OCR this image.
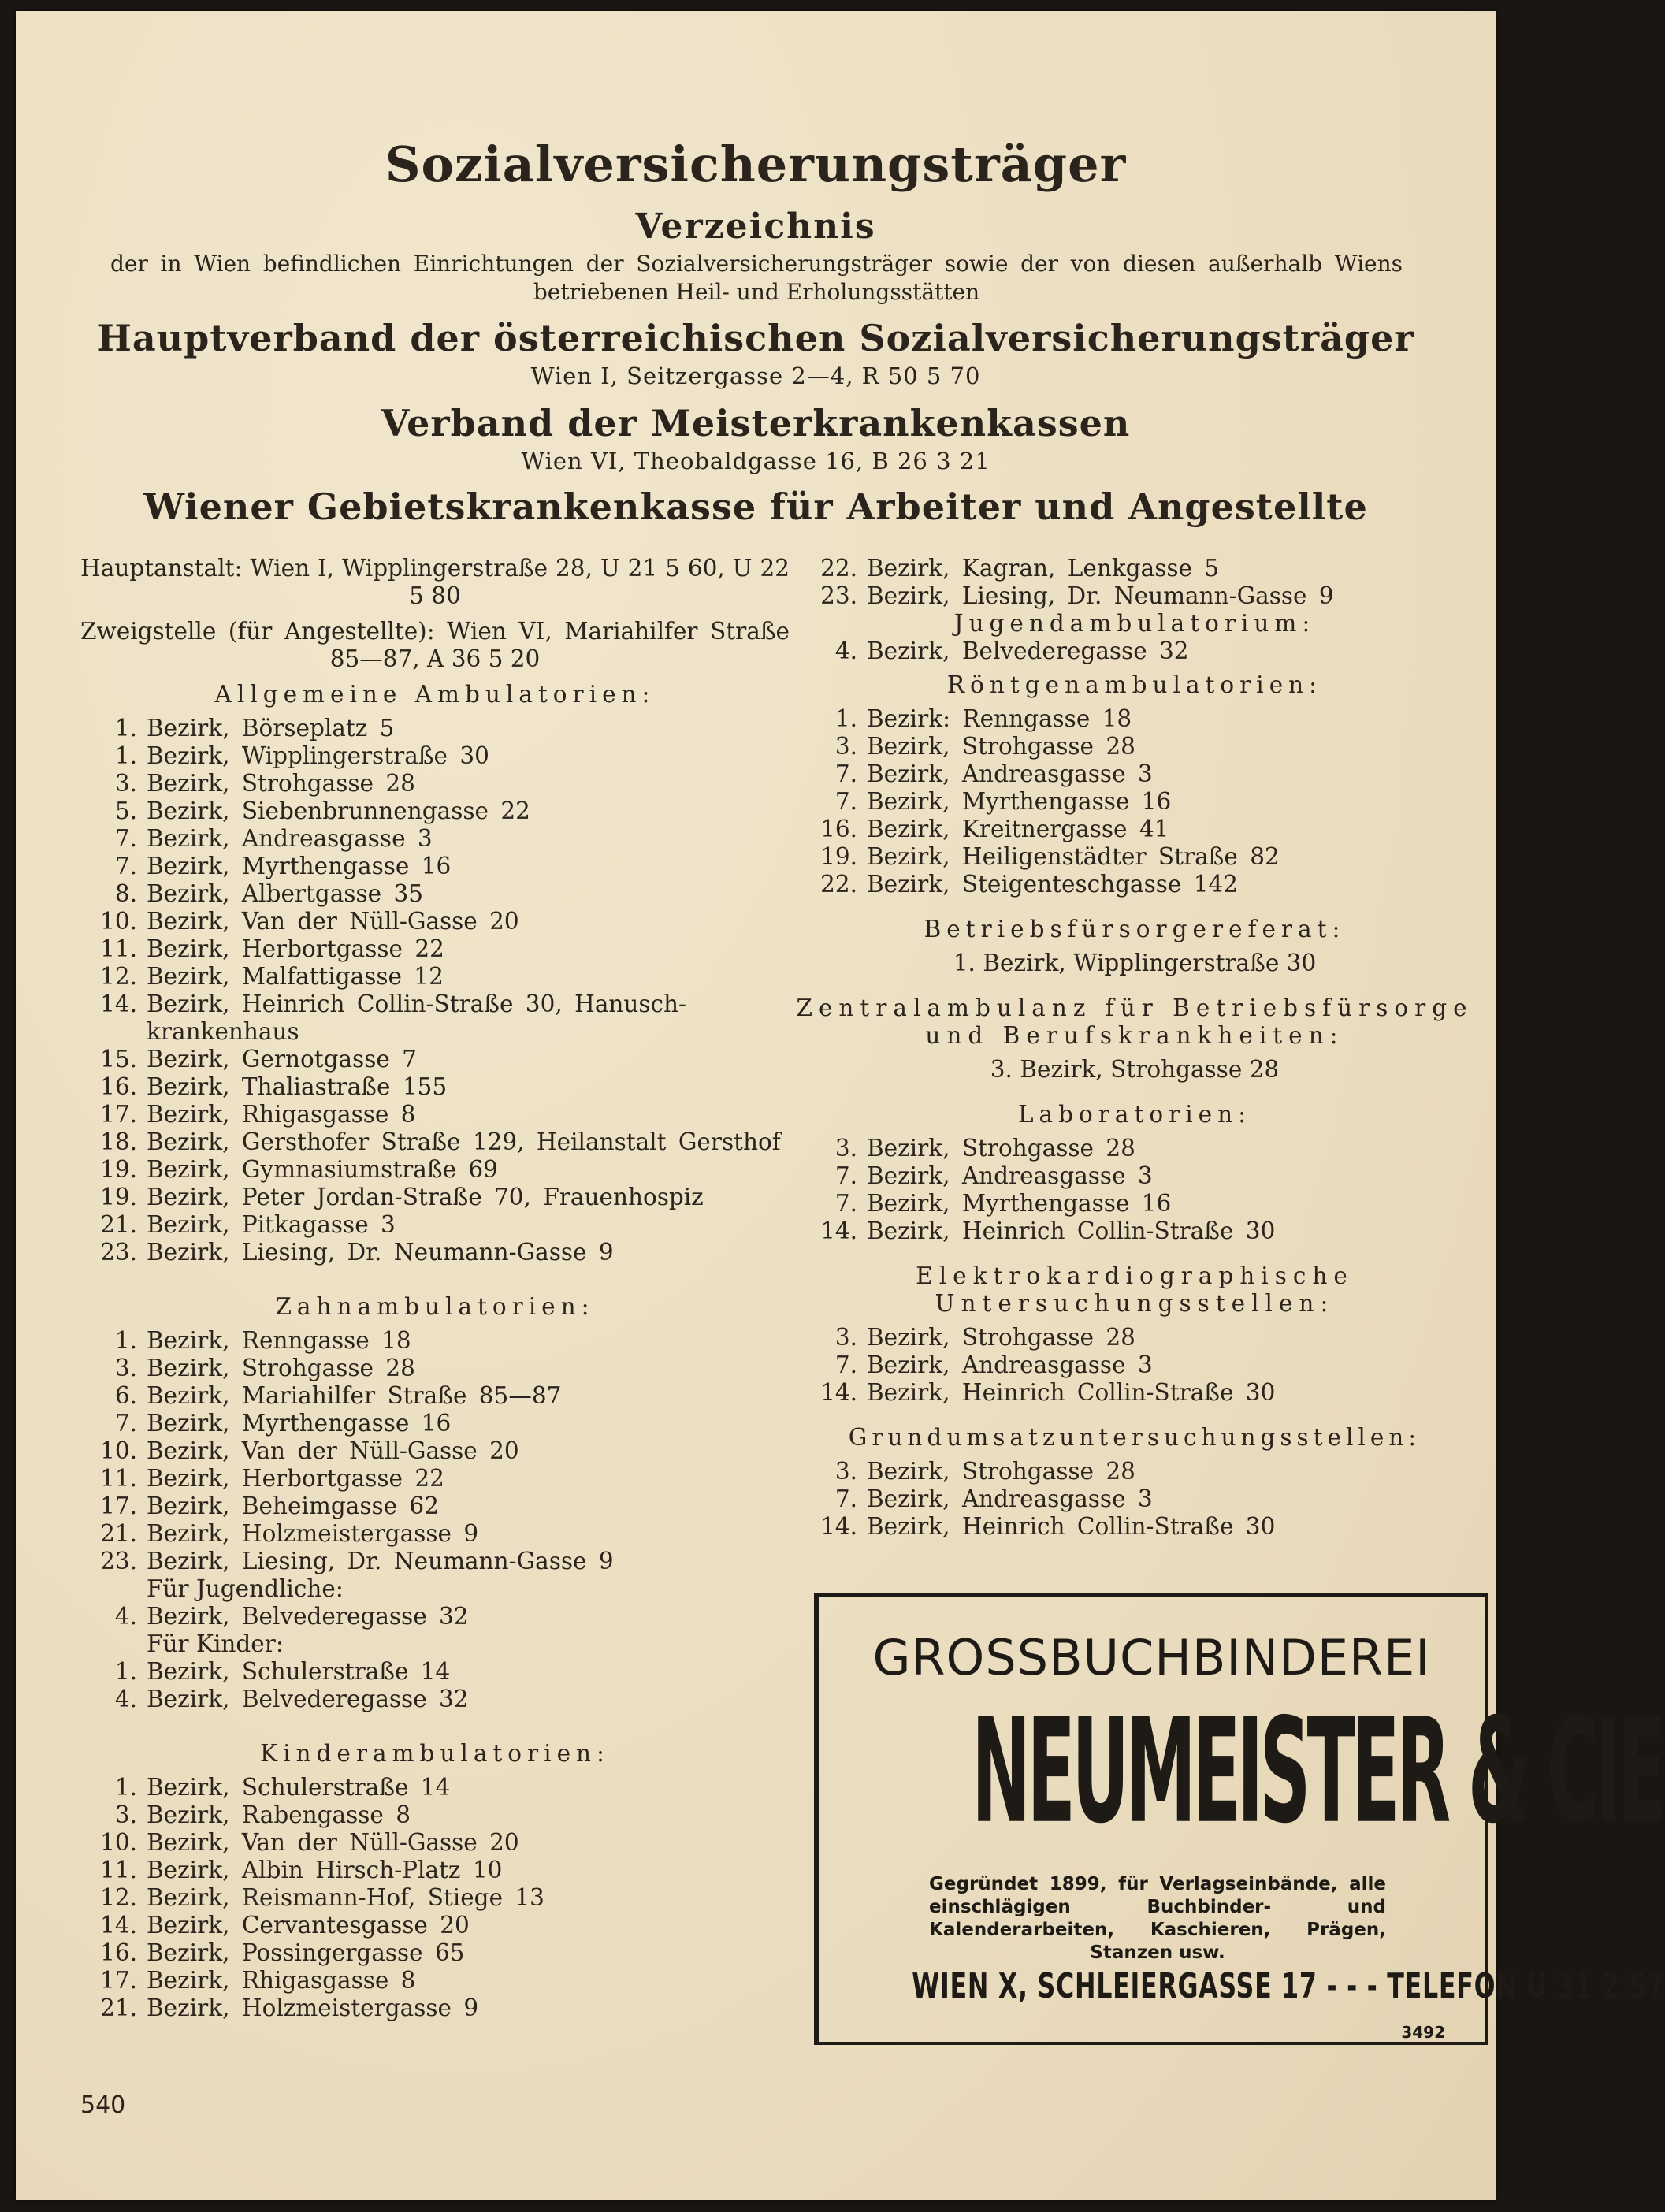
Sozialversicherungsträger
Verzeichnis
der in Wien befindlichen Einrichtungen der Sozialversicherungsträger sowie der von diesen außerhalb Wiens betriebenen Heil- und Erholungsstätten
Hauptverband der österreichischen Sozialversicherungsträger
Wien I, Seitzergasse 2—4, R 50 5 70
Verband der Meisterkrankenkassen
Wien VI, Theobaldgasse 16, B 26 3 21
Wiener Gebietskrankenkasse für Arbeiter und Angestellte

Hauptanstalt: Wien I, Wipplingerstraße 28, U 21 5 60, U 22 5 80

Zweigstelle (für Angestellte): Wien VI, Mariahilfer Straße 85—87, A 36 5 20

Allgemeine Ambulatorien:

1. Bezirk, Börseplatz 5
1. Bezirk, Wipplingerstraße 30
3. Bezirk, Strohgasse 28
5. Bezirk, Siebenbrunnengasse 22
7. Bezirk, Andreasgasse 3
7. Bezirk, Myrthengasse 16
8. Bezirk, Albertgasse 35
10. Bezirk, Van der Nüll-Gasse 20
11. Bezirk, Herbortgasse 22
12. Bezirk, Malfattigasse 12
14. Bezirk, Heinrich Collin-Straße 30, Hanusch-

krankenhaus

15. Bezirk, Gernotgasse 7
16. Bezirk, Thaliastraße 155
17. Bezirk, Rhigasgasse 8
18. Bezirk, Gersthofer Straße 129, Heilanstalt Gersthof
19. Bezirk, Gymnasiumstraße 69
19. Bezirk, Peter Jordan-Straße 70, Frauenhospiz
21. Bezirk, Pitkagasse 3
23. Bezirk, Liesing, Dr. Neumann-Gasse 9

Zahnambulatorien:

1. Bezirk, Renngasse 18
3. Bezirk, Strohgasse 28
6. Bezirk, Mariahilfer Straße 85—87
7. Bezirk, Myrthengasse 16
10. Bezirk, Van der Nüll-Gasse 20
11. Bezirk, Herbortgasse 22
17. Bezirk, Beheimgasse 62
21. Bezirk, Holzmeistergasse 9
23. Bezirk, Liesing, Dr. Neumann-Gasse 9

Für Jugendliche:

4. Bezirk, Belvederegasse 32

Für Kinder:

1. Bezirk, Schulerstraße 14
4. Bezirk, Belvederegasse 32

Kinderambulatorien:

1. Bezirk, Schulerstraße 14
3. Bezirk, Rabengasse 8
10. Bezirk, Van der Nüll-Gasse 20
11. Bezirk, Albin Hirsch-Platz 10
12. Bezirk, Reismann-Hof, Stiege 13
14. Bezirk, Cervantesgasse 20
16. Bezirk, Possingergasse 65
17. Bezirk, Rhigasgasse 8
21. Bezirk, Holzmeistergasse 9
22. Bezirk, Kagran, Lenkgasse 5
23. Bezirk, Liesing, Dr. Neumann-Gasse 9

Jugendambulatorium:

4. Bezirk, Belvederegasse 32

Röntgenambulatorien:

1. Bezirk: Renngasse 18
3. Bezirk, Strohgasse 28
7. Bezirk, Andreasgasse 3
7. Bezirk, Myrthengasse 16
16. Bezirk, Kreitnergasse 41
19. Bezirk, Heiligenstädter Straße 82
22. Bezirk, Steigenteschgasse 142

Betriebsfürsorgereferat:

1. Bezirk, Wipplingerstraße 30

Zentralambulanz für Betriebsfürsorge und Berufskrankheiten:

3. Bezirk, Strohgasse 28

Laboratorien:

3. Bezirk, Strohgasse 28
7. Bezirk, Andreasgasse 3
7. Bezirk, Myrthengasse 16
14. Bezirk, Heinrich Collin-Straße 30

Elektrokardiographische Untersuchungsstellen:

3. Bezirk, Strohgasse 28
7. Bezirk, Andreasgasse 3
14. Bezirk, Heinrich Collin-Straße 30

Grundumsatzuntersuchungsstellen:

3. Bezirk, Strohgasse 28
7. Bezirk, Andreasgasse 3
14. Bezirk, Heinrich Collin-Straße 30
GROSSBUCHBINDEREI
NEUMEISTER & CIE
Gegründet 1899, für Verlagseinbände, alle einschlägigen Buchbinder- und Kalenderarbeiten, Kaschieren, Prägen, Stanzen usw.
WIEN X, SCHLEIERGASSE 17 - - - TELEFON U 31 2 57
3492
540
